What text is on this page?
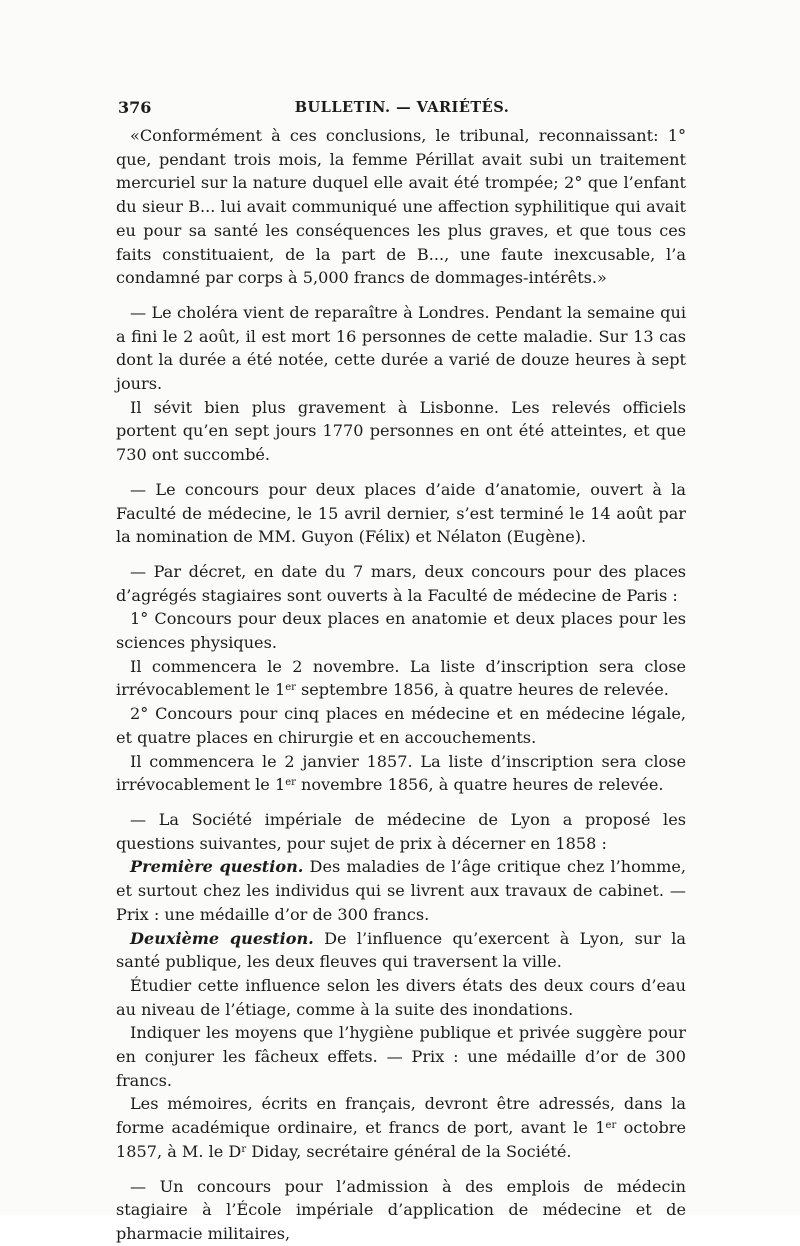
376	BULLETIN. — VARIÉTÉS.

«Conformément à ces conclusions, le tribunal, reconnaissant: 1° que, pendant trois mois, la femme Périllat avait subi un traitement mercuriel sur la nature duquel elle avait été trompée; 2° que l’enfant du sieur B... lui avait communiqué une affection syphilitique qui avait eu pour sa santé les conséquences les plus graves, et que tous ces faits constituaient, de la part de B..., une faute inexcusable, l’a condamné par corps à 5,000 francs de dommages-intérêts.»

— Le choléra vient de reparaître à Londres. Pendant la semaine qui a fini le 2 août, il est mort 16 personnes de cette maladie. Sur 13 cas dont la durée a été notée, cette durée a varié de douze heures à sept jours.

Il sévit bien plus gravement à Lisbonne. Les relevés officiels portent qu’en sept jours 1770 personnes en ont été atteintes, et que 730 ont succombé.

— Le concours pour deux places d’aide d’anatomie, ouvert à la Faculté de médecine, le 15 avril dernier, s’est terminé le 14 août par la nomination de MM. Guyon (Félix) et Nélaton (Eugène).

— Par décret, en date du 7 mars, deux concours pour des places d’agrégés stagiaires sont ouverts à la Faculté de médecine de Paris :

1° Concours pour deux places en anatomie et deux places pour les sciences physiques.

Il commencera le 2 novembre. La liste d’inscription sera close irrévocablement le 1er septembre 1856, à quatre heures de relevée.

2° Concours pour cinq places en médecine et en médecine légale, et quatre places en chirurgie et en accouchements.

Il commencera le 2 janvier 1857. La liste d’inscription sera close irrévocablement le 1er novembre 1856, à quatre heures de relevée.

— La Société impériale de médecine de Lyon a proposé les questions suivantes, pour sujet de prix à décerner en 1858 :

Première question. Des maladies de l’âge critique chez l’homme, et surtout chez les individus qui se livrent aux travaux de cabinet. — Prix : une médaille d’or de 300 francs.

Deuxième question. De l’influence qu’exercent à Lyon, sur la santé publique, les deux fleuves qui traversent la ville.

Étudier cette influence selon les divers états des deux cours d’eau au niveau de l’étiage, comme à la suite des inondations.

Indiquer les moyens que l’hygiène publique et privée suggère pour en conjurer les fâcheux effets. — Prix : une médaille d’or de 300 francs.

Les mémoires, écrits en français, devront être adressés, dans la forme académique ordinaire, et francs de port, avant le 1er octobre 1857, à M. le $D^r$ Diday, secrétaire général de la Société.

— Un concours pour l’admission à des emplois de médecin stagiaire à l’École impériale d’application de médecine et de pharmacie militaires,
